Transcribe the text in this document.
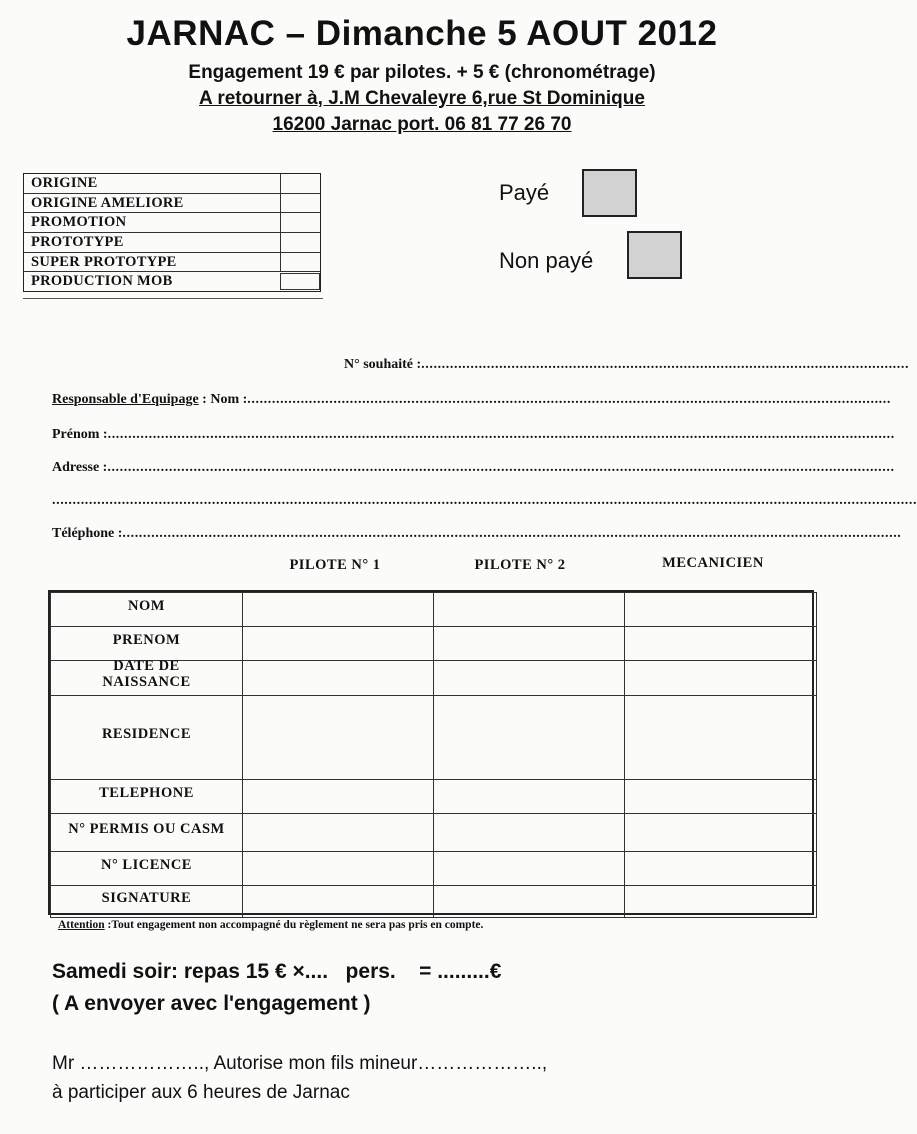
JARNAC – Dimanche 5 AOUT 2012
Engagement 19 € par pilotes. + 5 € (chronométrage)
A retourner à, J.M Chevaleyre 6,rue St Dominique
16200 Jarnac port. 06 81 77 26 70
ORIGINE
ORIGINE AMELIORE
PROMOTION
PROTOTYPE
SUPER PROTOTYPE
PRODUCTION MOB
Payé
Non payé
N° souhaité :.......................................................................................................................
Responsable d'Equipage : Nom :.............................................................................................................................................................
Prénom :................................................................................................................................................................................................
Adresse :................................................................................................................................................................................................
...................................................................................................................................................................................................................
Téléphone :..............................................................................................................................................................................................
PILOTE N° 1	PILOTE N° 2	MECANICIEN
NOM			
PRENOM			
DATE DE NAISSANCE			
RESIDENCE			
TELEPHONE			
N° PERMIS OU CASM			
N° LICENCE			
SIGNATURE			
Attention :Tout engagement non accompagné du règlement ne sera pas pris en compte.
Samedi soir: repas 15 € ×....   pers.    = .........€
( A envoyer avec l'engagement )
Mr ……………….., Autorise mon fils mineur………………..,
à participer aux 6 heures de Jarnac
